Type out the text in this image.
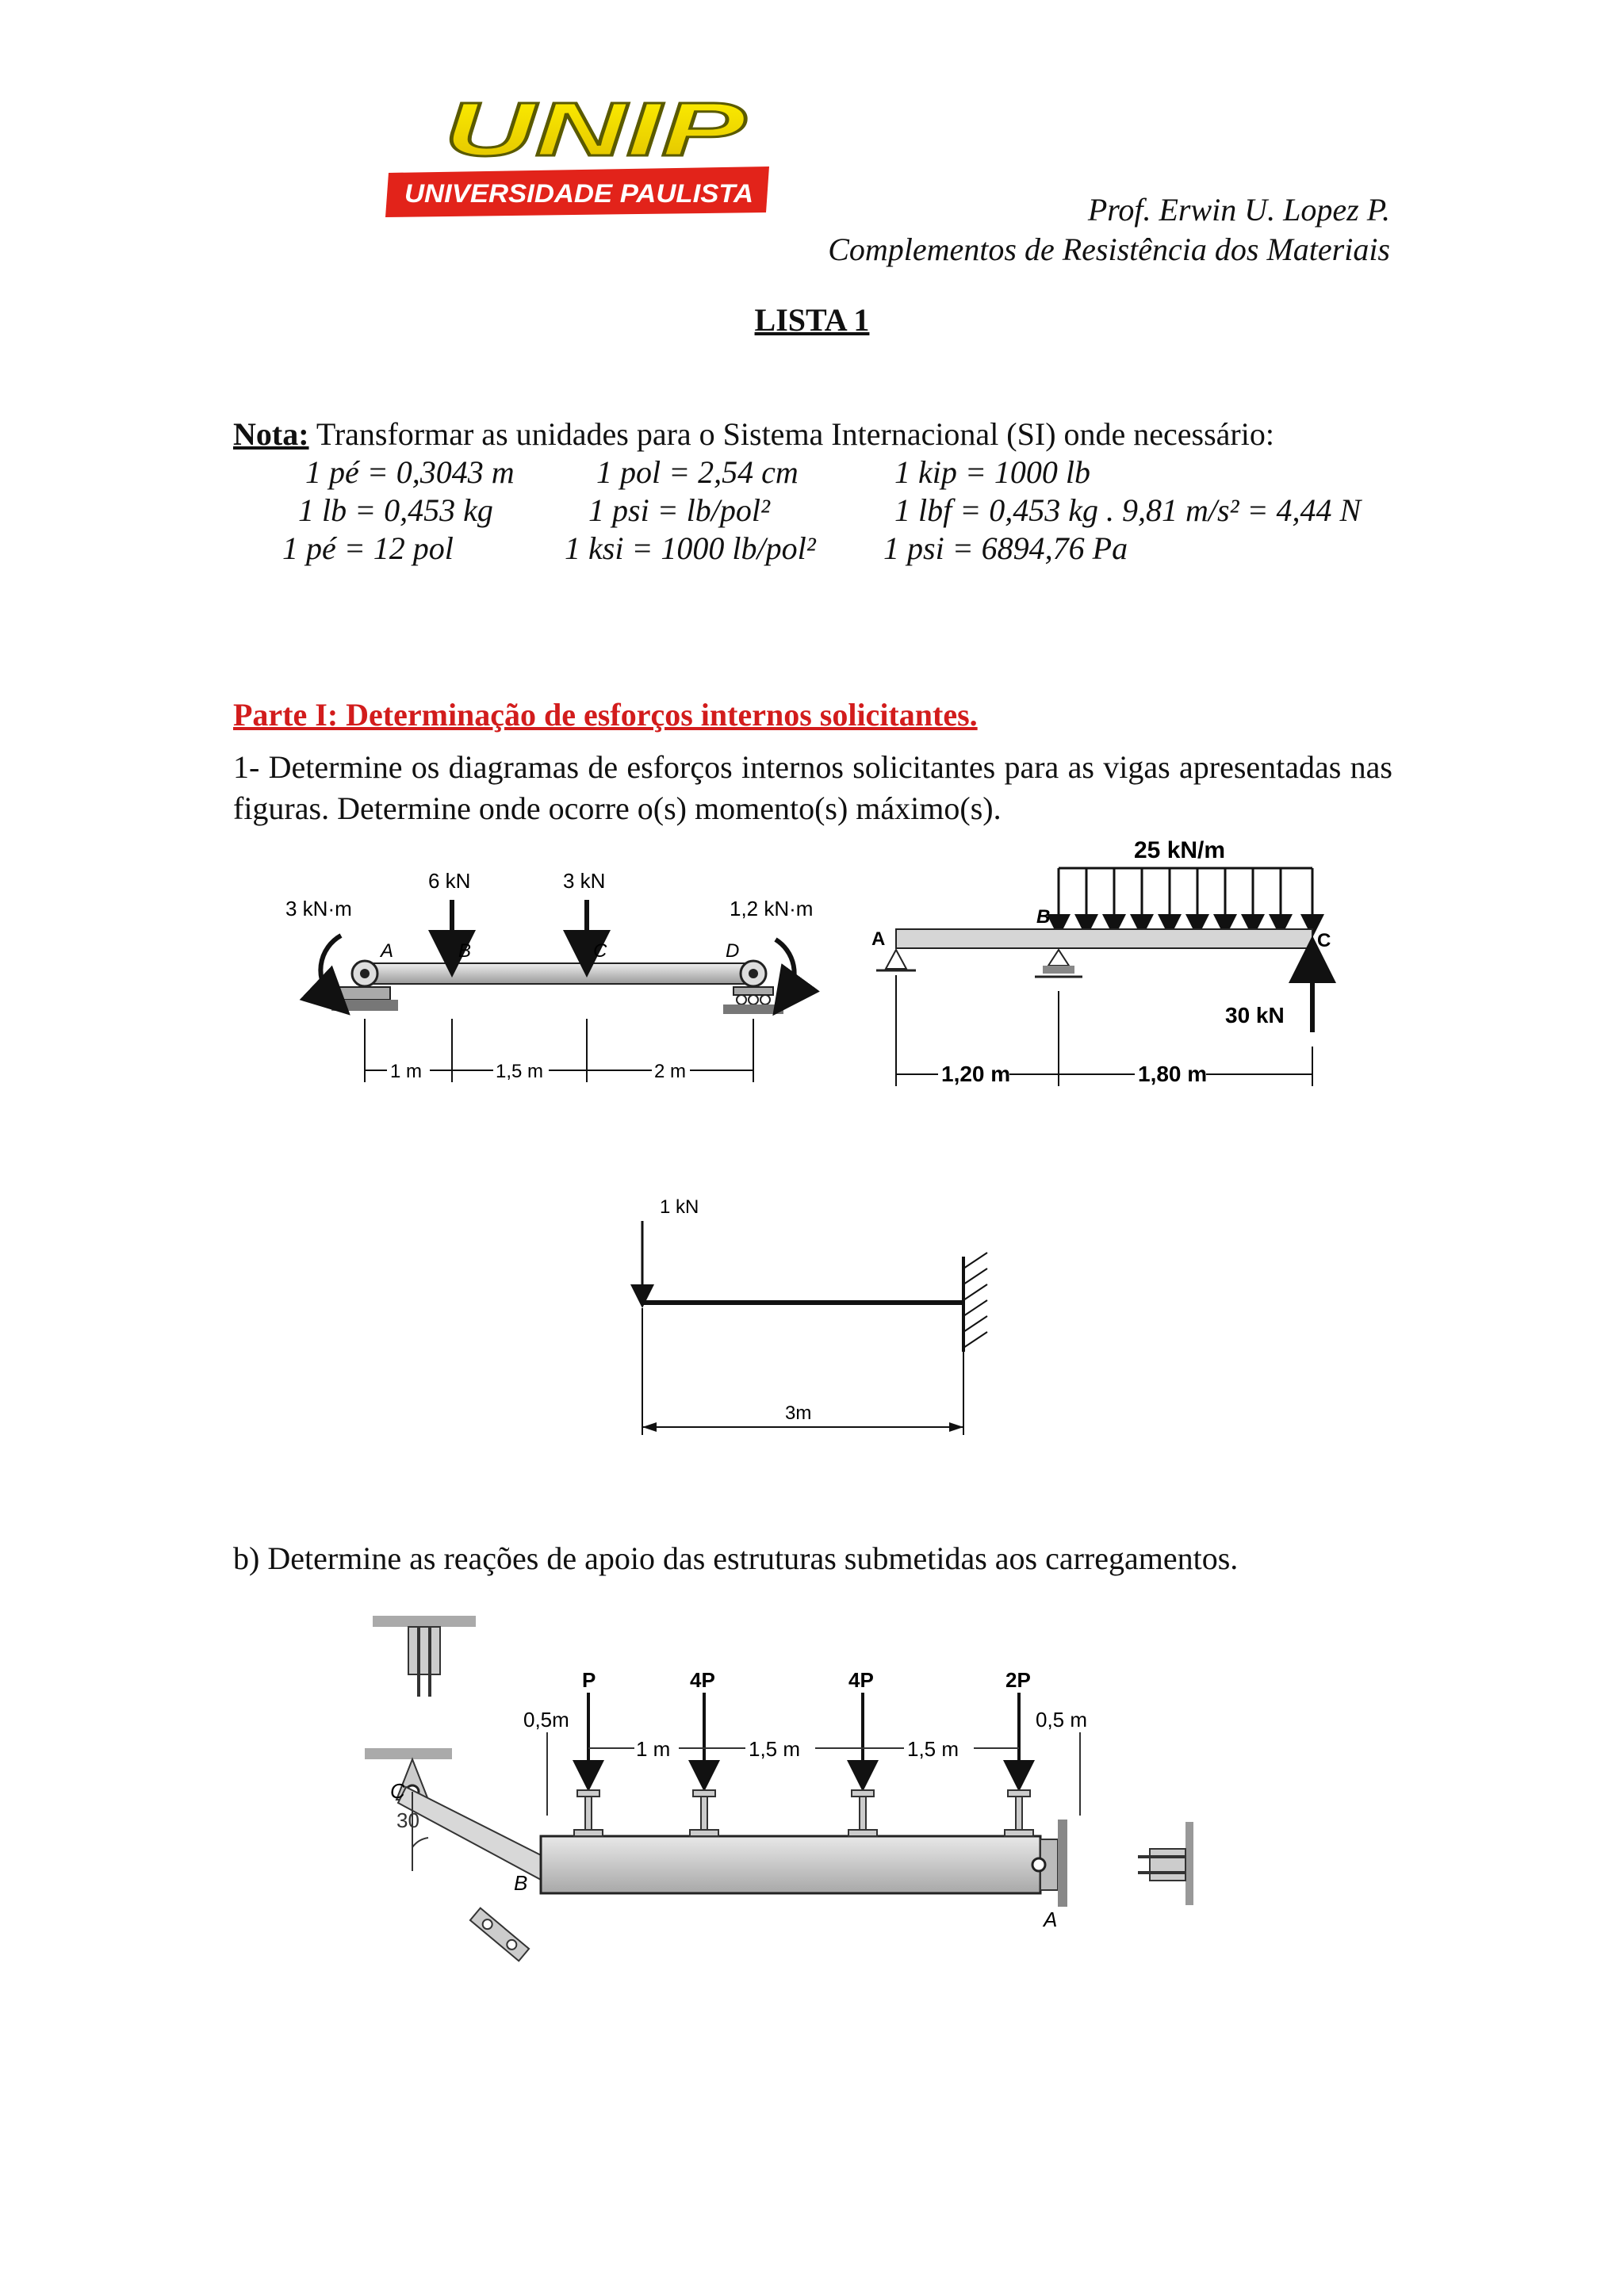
UNIP
UNIVERSIDADE PAULISTA	Prof. Erwin U. Lopez P.
Complementos de Resistência dos Materiais
LISTA 1
Nota: Transformar as unidades para o Sistema Internacional (SI) onde necessário:
1 pé = 0,3043 m	1 pol = 2,54 cm	1 kip = 1000 lb
1 lb = 0,453 kg	1 psi = lb/pol²	1 lbf = 0,453 kg . 9,81 m/s² = 4,44 N
1 pé = 12 pol	1 ksi = 1000 lb/pol² 1 psi = 6894,76 Pa
Parte I: Determinação de esforços internos solicitantes.
1- Determine os diagramas de esforços internos solicitantes para as vigas apresentadas nas figuras. Determine onde ocorre o(s) momento(s) máximo(s).
3 kN·m
6 kN	3 kN
1,2 kN·m
A	B	C	D
1 m	1,5 m	2 m
25 kN/m
A
B
C
30 kN
1,20 m	1,80 m
1 kN
3m
b) Determine as reações de apoio das estruturas submetidas aos carregamentos.
30
C
B
A
P	4P	4P	2P
0,5m
1 m	1,5 m	1,5 m
0,5 m
